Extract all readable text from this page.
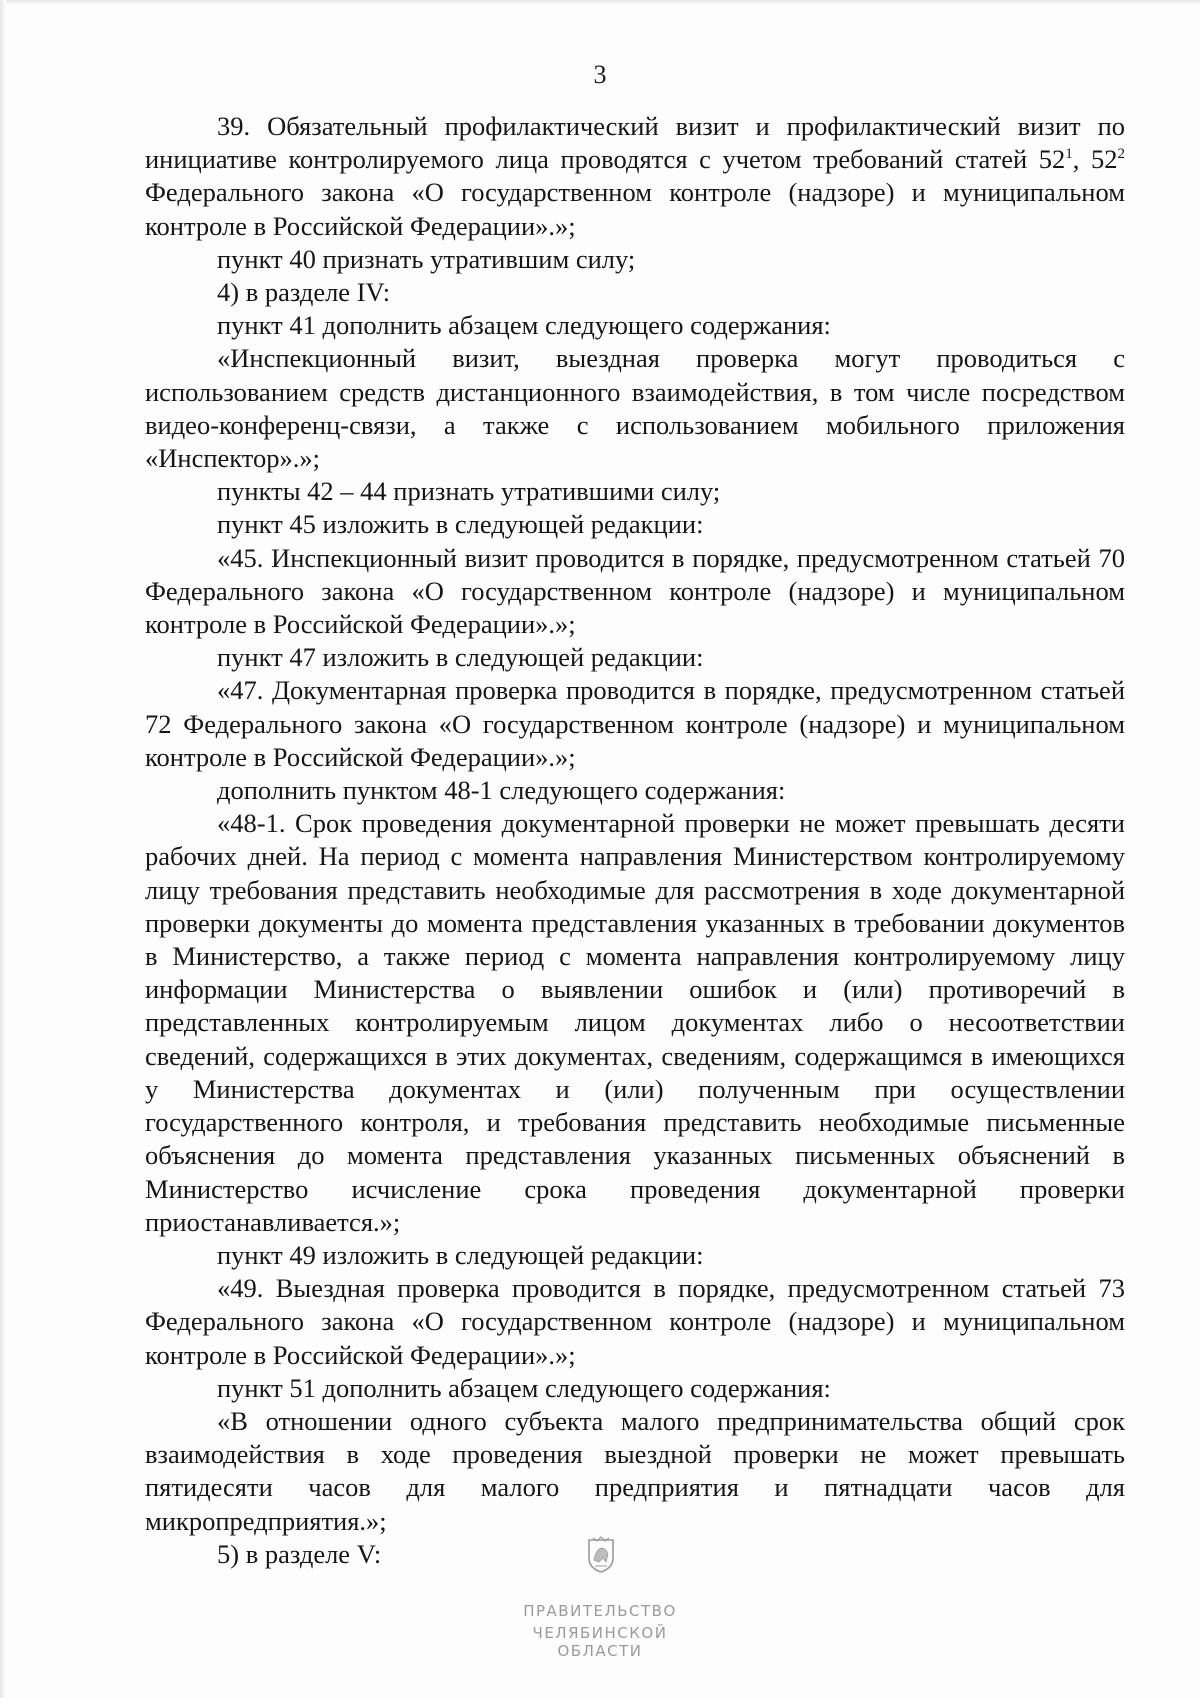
3

39. Обязательный профилактический визит и профилактический визит по инициативе контролируемого лица проводятся с учетом требований статей $52^1$, $52^2$ Федерального закона «О государственном контроле (надзоре) и муниципальном контроле в Российской Федерации».»;

пункт 40 признать утратившим силу;

4) в разделе IV:

пункт 41 дополнить абзацем следующего содержания:

«Инспекционный визит, выездная проверка могут проводиться с использованием средств дистанционного взаимодействия, в том числе посредством видео-конференц-связи, а также с использованием мобильного приложения «Инспектор».»;

пункты 42 – 44 признать утратившими силу;

пункт 45 изложить в следующей редакции:

«45. Инспекционный визит проводится в порядке, предусмотренном статьей 70 Федерального закона «О государственном контроле (надзоре) и муниципальном контроле в Российской Федерации».»;

пункт 47 изложить в следующей редакции:

«47. Документарная проверка проводится в порядке, предусмотренном статьей 72 Федерального закона «О государственном контроле (надзоре) и муниципальном контроле в Российской Федерации».»;

дополнить пунктом 48-1 следующего содержания:

«48-1. Срок проведения документарной проверки не может превышать десяти рабочих дней. На период с момента направления Министерством контролируемому лицу требования представить необходимые для рассмотрения в ходе документарной проверки документы до момента представления указанных в требовании документов в Министерство, а также период с момента направления контролируемому лицу информации Министерства о выявлении ошибок и (или) противоречий в представленных контролируемым лицом документах либо о несоответствии сведений, содержащихся в этих документах, сведениям, содержащимся в имеющихся у Министерства документах и (или) полученным при осуществлении государственного контроля, и требования представить необходимые письменные объяснения до момента представления указанных письменных объяснений в Министерство исчисление срока проведения документарной проверки приостанавливается.»;

пункт 49 изложить в следующей редакции:

«49. Выездная проверка проводится в порядке, предусмотренном статьей 73 Федерального закона «О государственном контроле (надзоре) и муниципальном контроле в Российской Федерации».»;

пункт 51 дополнить абзацем следующего содержания:

«В отношении одного субъекта малого предпринимательства общий срок взаимодействия в ходе проведения выездной проверки не может превышать пятидесяти часов для малого предприятия и пятнадцати часов для микропредприятия.»;

5) в разделе V:

ПРАВИТЕЛЬСТВО
ЧЕЛЯБИНСКОЙ ОБЛАСТИ
